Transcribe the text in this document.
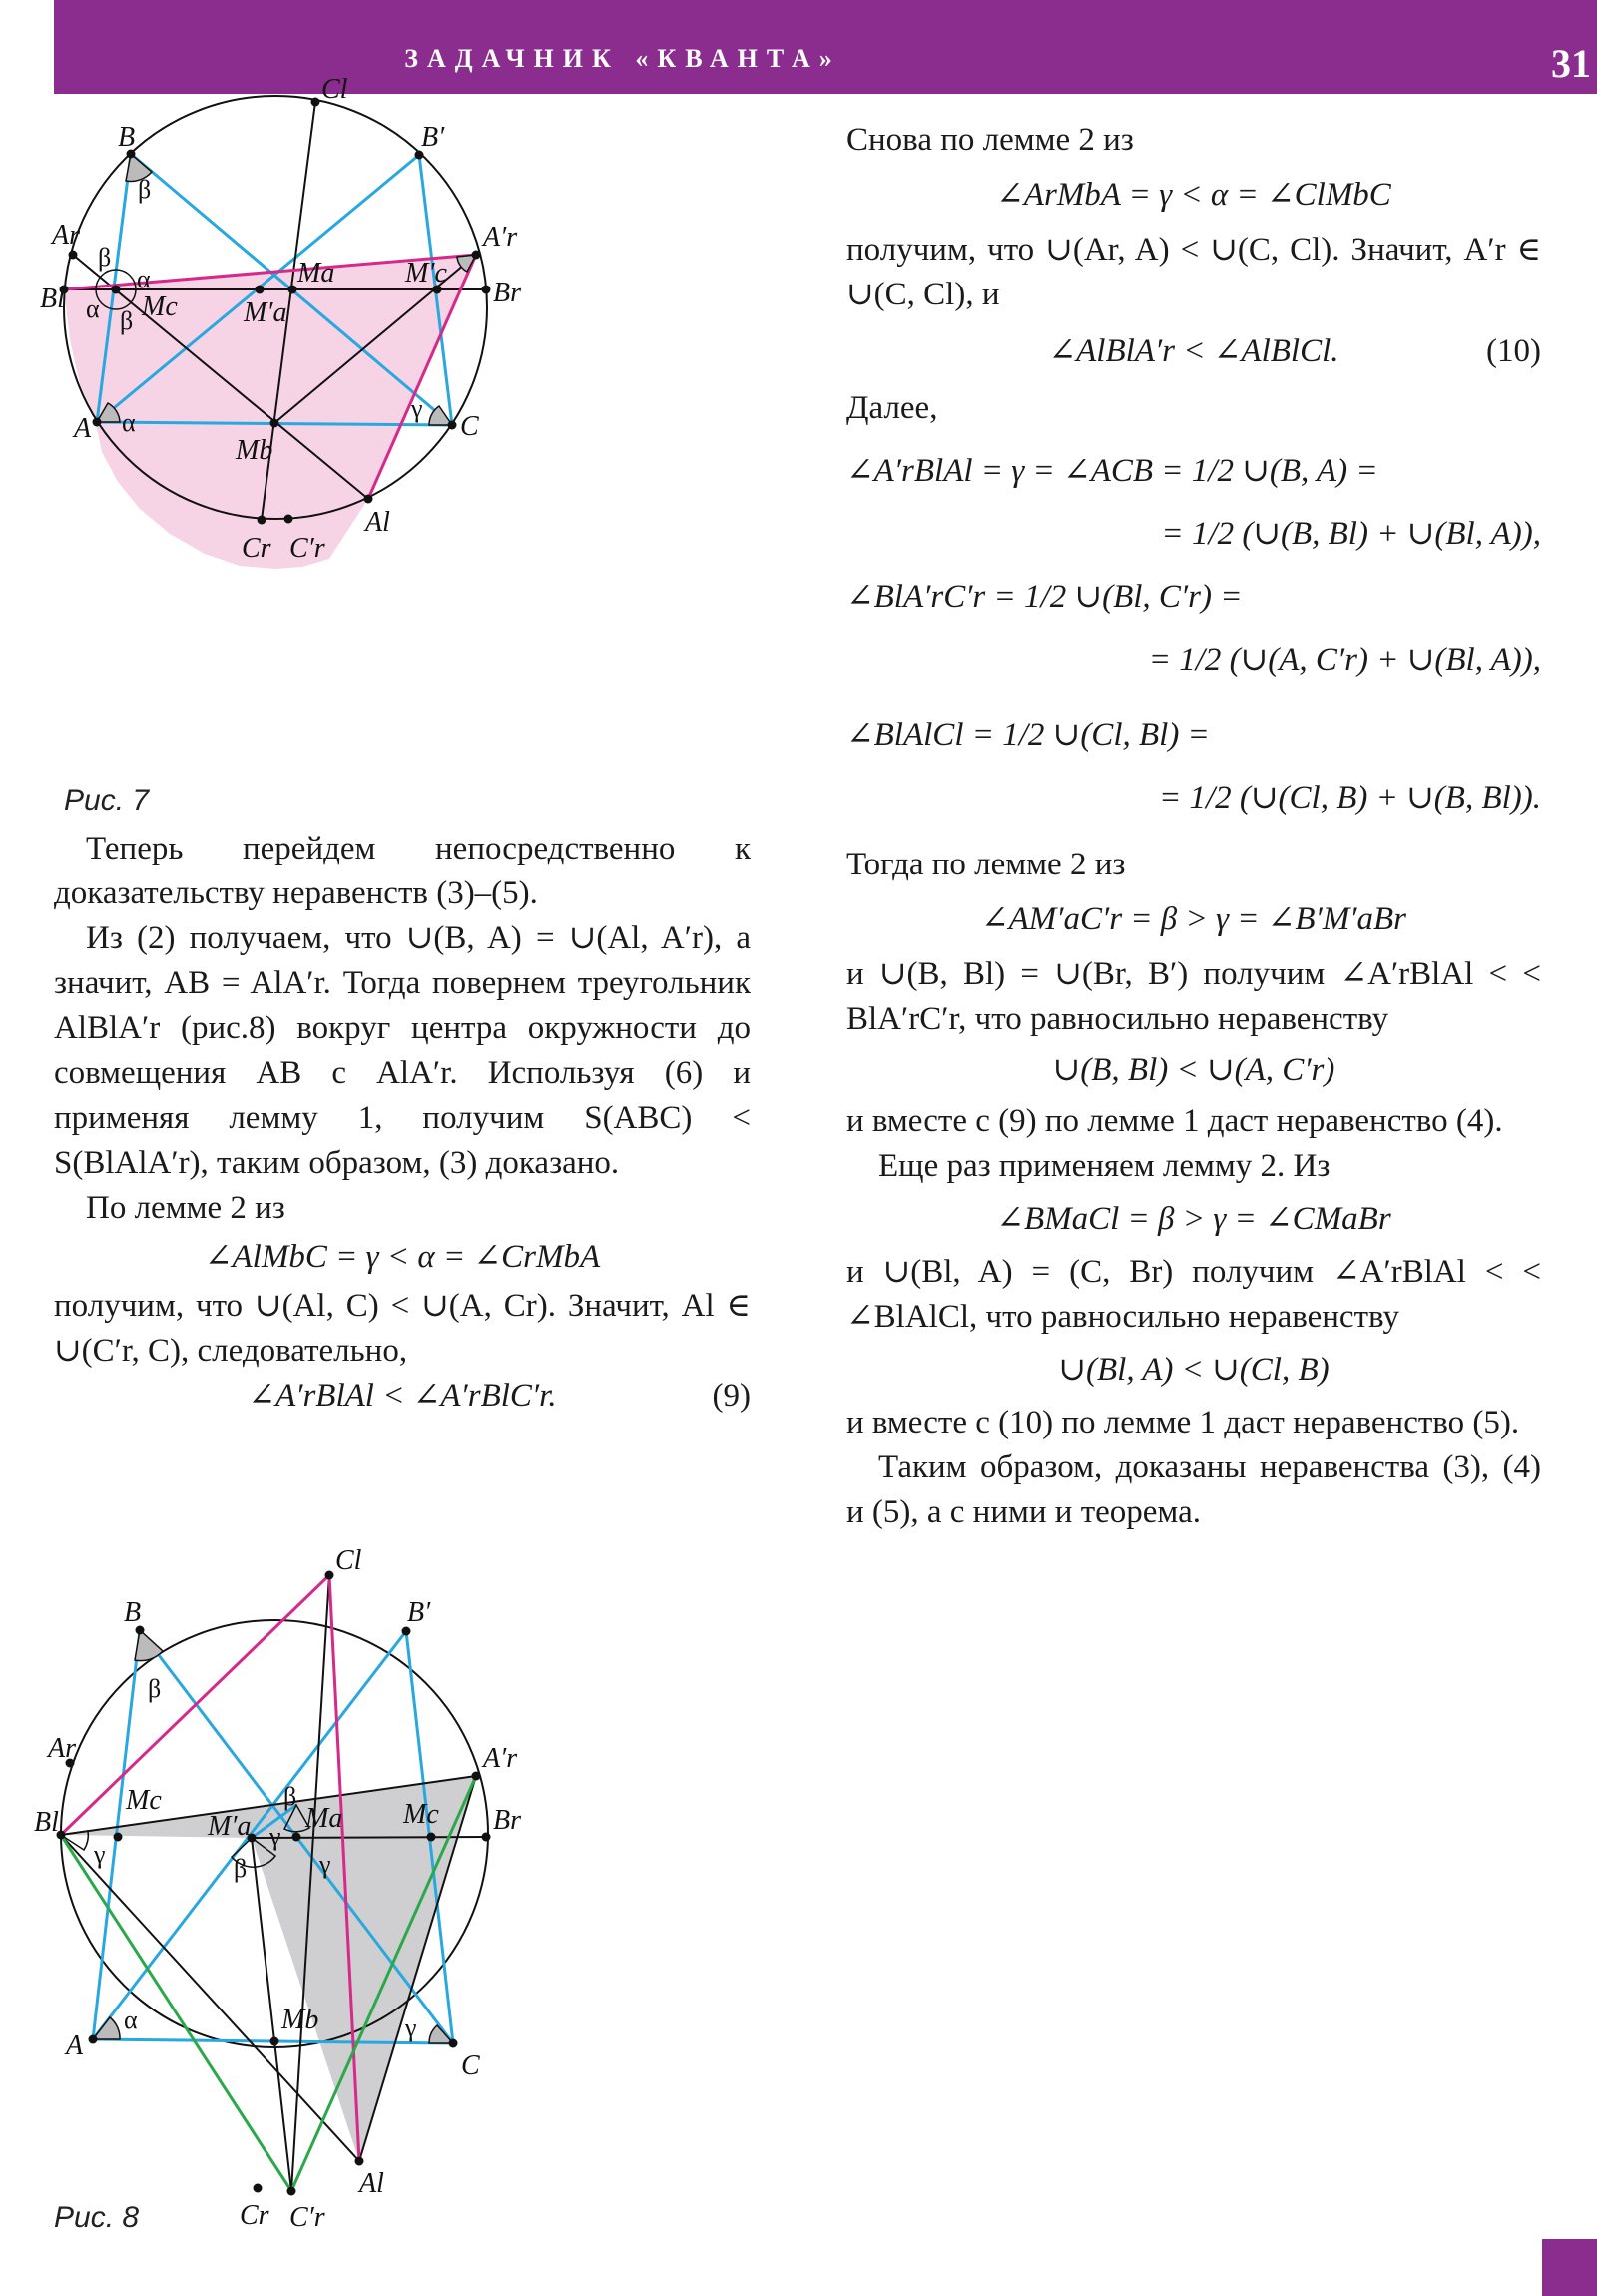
ЗАДАЧНИК «КВАНТА»	31
Cl
B	B′
Ar	A′r
Bl	Br
Ma	M′c
Mc M′a
A
Mb
C
Cr C′r
Al
α
α
α
β
β
β
γ
Рис. 7
Cl
B	B′
Ar	A′r
Bl	Br
Mc
M′a Ma Mc
Mb
A
C
Al
Cr C′r
α
β
β
β
γ
γ
γ
γ
Рис. 8

Теперь перейдем непосредственно к доказательству неравенств (3)–(5).

Из (2) получаем, что ∪(B, A) = ∪(Al, A′r), а значит, AB = AlA′r. Тогда повернем треугольник AlBlA′r (рис.8) вокруг центра окружности до совмещения AB с AlA′r. Используя (6) и применяя лемму 1, получим S(ABC) < S(BlAlA′r), таким образом, (3) доказано.

По лемме 2 из

∠AlMbC = γ < α = ∠CrMbA

получим, что ∪(Al, C) < ∪(A, Cr). Значит, Al ∈ ∪(C′r, C), следовательно,

∠A′rBlAl < ∠A′rBlC′r.	(9)

Снова по лемме 2 из

∠ArMbA = γ < α = ∠ClMbC

получим, что ∪(Ar, A) < ∪(C, Cl). Значит, A′r ∈ ∪(C, Cl), и

∠AlBlA′r < ∠AlBlCl.	(10)

Далее,

∠A′rBlAl = γ = ∠ACB = 1/2 ∪(B, A) =
= 1/2 (∪(B, Bl) + ∪(Bl, A)),
∠BlA′rC′r = 1/2 ∪(Bl, C′r) =
= 1/2 (∪(A, C′r) + ∪(Bl, A)),
∠BlAlCl = 1/2 ∪(Cl, Bl) =
= 1/2 (∪(Cl, B) + ∪(B, Bl)).

Тогда по лемме 2 из

∠AM′aC′r = β > γ = ∠B′M′aBr

и ∪(B, Bl) = ∪(Br, B′) получим ∠A′rBlAl < < BlA′rC′r, что равносильно неравенству

∪(B, Bl) < ∪(A, C′r)

и вместе с (9) по лемме 1 даст неравенство (4).

Еще раз применяем лемму 2. Из

∠BMaCl = β > γ = ∠CMaBr

и ∪(Bl, A) = (C, Br) получим ∠A′rBlAl < < ∠BlAlCl, что равносильно неравенству

∪(Bl, A) < ∪(Cl, B)

и вместе с (10) по лемме 1 даст неравенство (5).

Таким образом, доказаны неравенства (3), (4) и (5), а с ними и теорема.
